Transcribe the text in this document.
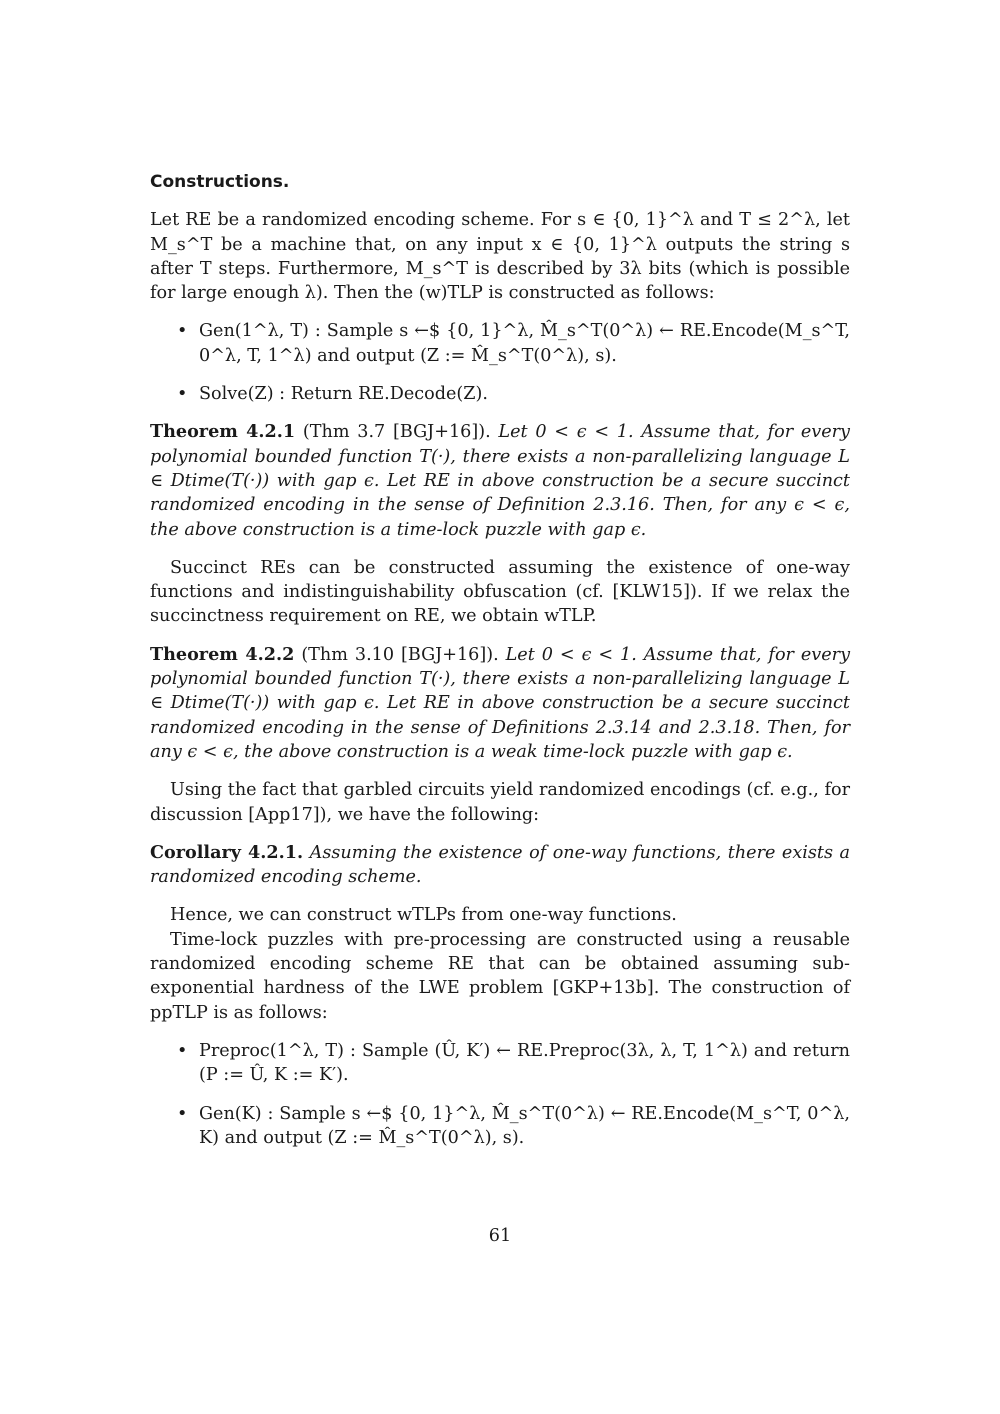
Constructions.

Let RE be a randomized encoding scheme. For s ∈ {0, 1}^λ and T ≤ 2^λ, let M_s^T be a machine that, on any input x ∈ {0, 1}^λ outputs the string s after T steps. Furthermore, M_s^T is described by 3λ bits (which is possible for large enough λ). Then the (w)TLP is constructed as follows:

• Gen(1^λ, T) : Sample s ←$ {0, 1}^λ, M̂_s^T(0^λ) ← RE.Encode(M_s^T, 0^λ, T, 1^λ) and output (Z := M̂_s^T(0^λ), s).
• Solve(Z) : Return RE.Decode(Z).

Theorem 4.2.1 (Thm 3.7 [BGJ+16]). Let 0 < ϵ < 1. Assume that, for every polynomial bounded function T(·), there exists a non-parallelizing language L ∈ Dtime(T(·)) with gap ϵ. Let RE in above construction be a secure succinct randomized encoding in the sense of Definition 2.3.16. Then, for any ϵ < ϵ, the above construction is a time-lock puzzle with gap ϵ.

Succinct REs can be constructed assuming the existence of one-way functions and indistinguishability obfuscation (cf. [KLW15]). If we relax the succinctness requirement on RE, we obtain wTLP.

Theorem 4.2.2 (Thm 3.10 [BGJ+16]). Let 0 < ϵ < 1. Assume that, for every polynomial bounded function T(·), there exists a non-parallelizing language L ∈ Dtime(T(·)) with gap ϵ. Let RE in above construction be a secure succinct randomized encoding in the sense of Definitions 2.3.14 and 2.3.18. Then, for any ϵ < ϵ, the above construction is a weak time-lock puzzle with gap ϵ.

Using the fact that garbled circuits yield randomized encodings (cf. e.g., for discussion [App17]), we have the following:

Corollary 4.2.1. Assuming the existence of one-way functions, there exists a randomized encoding scheme.

Hence, we can construct wTLPs from one-way functions.

Time-lock puzzles with pre-processing are constructed using a reusable randomized encoding scheme RE that can be obtained assuming sub-exponential hardness of the LWE problem [GKP+13b]. The construction of ppTLP is as follows:

• Preproc(1^λ, T) : Sample (Û, K′) ← RE.Preproc(3λ, λ, T, 1^λ) and return (P := Û, K := K′).
• Gen(K) : Sample s ←$ {0, 1}^λ, M̂_s^T(0^λ) ← RE.Encode(M_s^T, 0^λ, K) and output (Z := M̂_s^T(0^λ), s).
61
